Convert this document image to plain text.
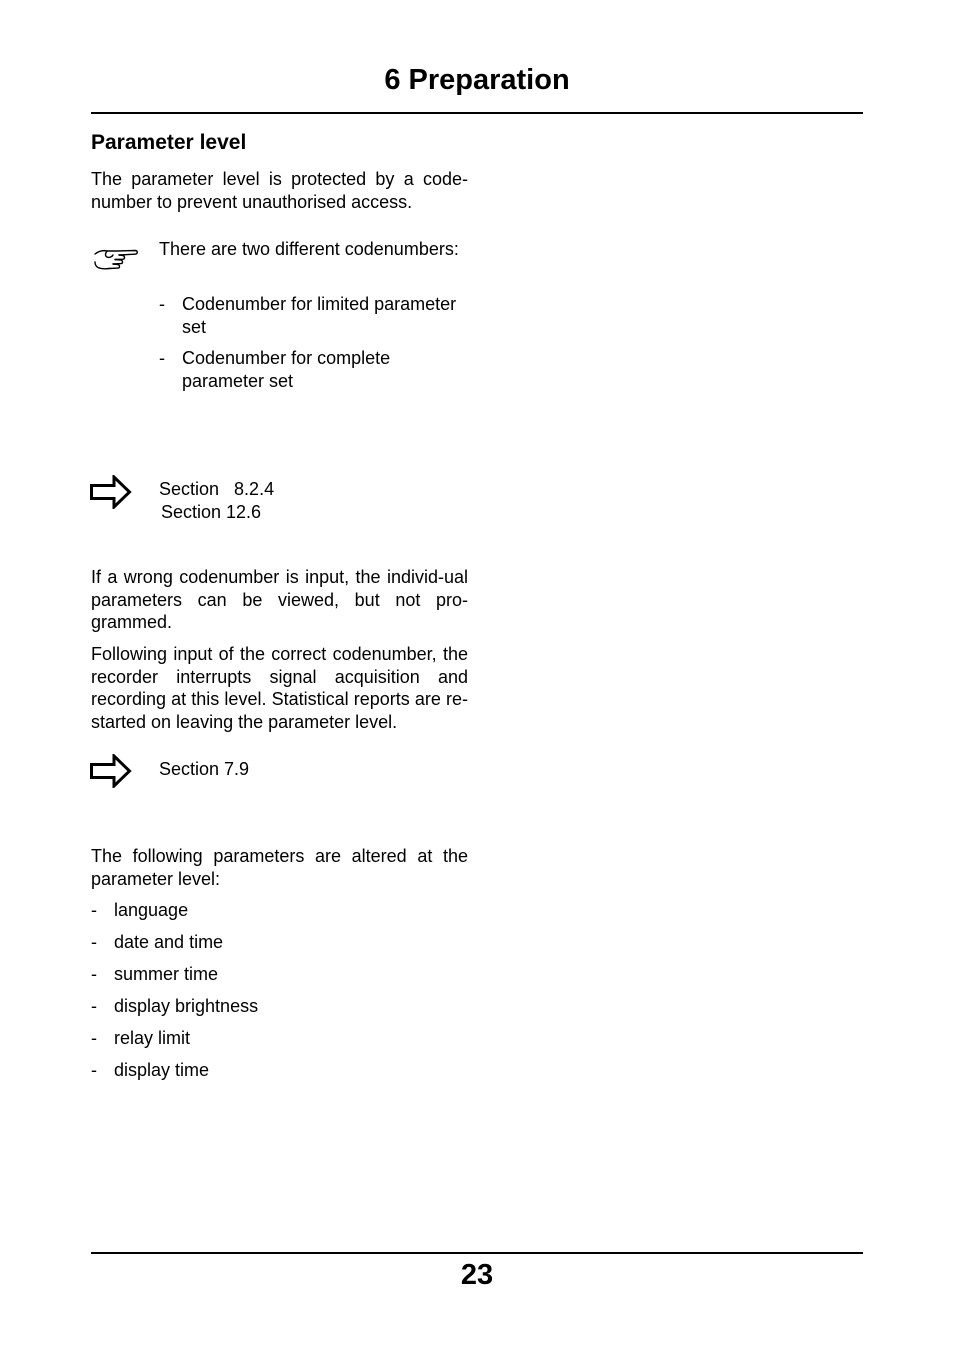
6 Preparation
Parameter level
The parameter level is protected by a code-number to prevent unauthorised access.
There are two different codenumbers:
- Codenumber for limited parameter set
- Codenumber for complete parameter set
Section   8.2.4
Section 12.6
If a wrong codenumber is input, the individ-ual parameters can be viewed, but not pro-grammed.
Following input of the correct codenumber, the recorder interrupts signal acquisition and recording at this level. Statistical reports are re-started on leaving the parameter level.
Section 7.9
The following parameters are altered at the parameter level:
- language
- date and time
- summer time
- display brightness
- relay limit
- display time
23
